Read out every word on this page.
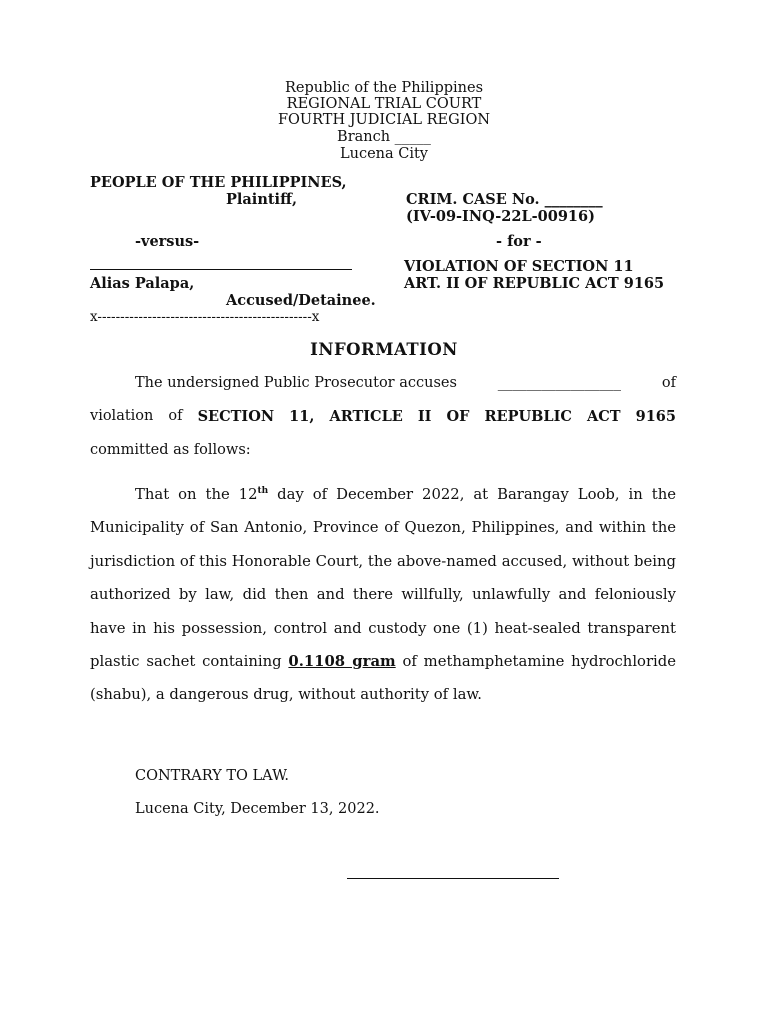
Republic of the Philippines
REGIONAL TRIAL COURT
FOURTH JUDICIAL REGION
Branch _____
Lucena City
PEOPLE OF THE PHILIPPINES,
Plaintiff,	CRIM. CASE No. ________
(IV-09-INQ-22L-00916)
-versus-	- for -
VIOLATION OF SECTION 11
Alias Palapa,	ART. II OF REPUBLIC ACT 9165
Accused/Detainee.
x-----------------------------------------------x
INFORMATION
The undersigned Public Prosecutor accuses	_________________	of
violation of SECTION 11, ARTICLE II OF REPUBLIC ACT 9165
committed as follows:
That on the 12th day of December 2022, at Barangay Loob, in the Municipality of San Antonio, Province of Quezon, Philippines, and within the jurisdiction of this Honorable Court, the above-named accused, without being authorized by law, did then and there willfully, unlawfully and feloniously have in his possession, control and custody one (1) heat-sealed transparent plastic sachet containing 0.1108 gram of methamphetamine hydrochloride (shabu), a dangerous drug, without authority of law.
CONTRARY TO LAW.
Lucena City, December 13, 2022.
